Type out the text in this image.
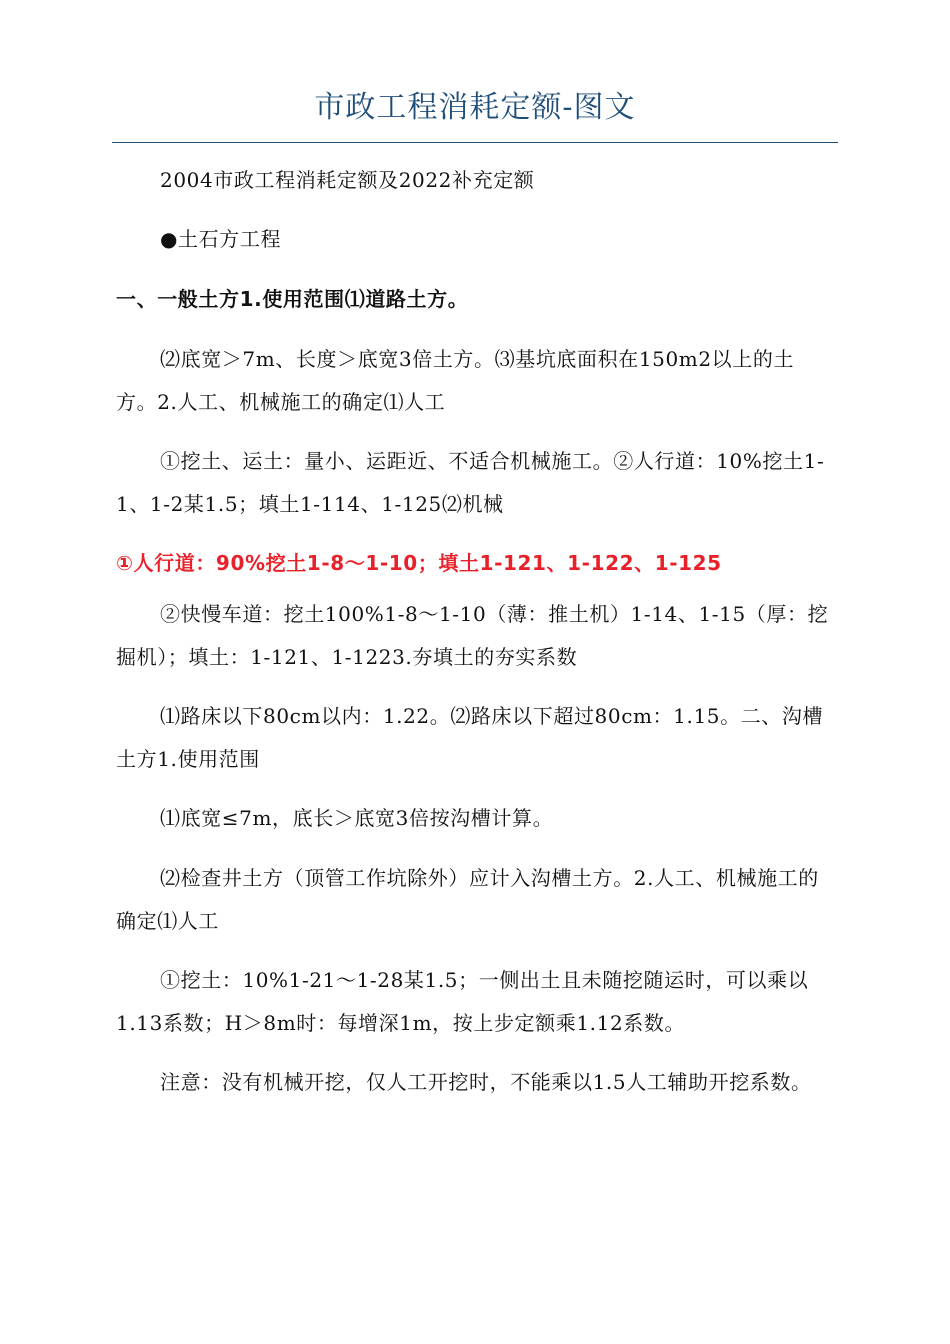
市政工程消耗定额-图文

2004市政工程消耗定额及2022补充定额

●土石方工程

一、一般土方1.使用范围⑴道路土方。

⑵底宽＞7m、长度＞底宽3倍土方。⑶基坑底面积在150m2以上的土方。2.人工、机械施工的确定⑴人工

①挖土、运土：量小、运距近、不适合机械施工。②人行道：10%挖土1-1、1-2某1.5；填土1-114、1-125⑵机械

①人行道：90%挖土1-8～1-10；填土1-121、1-122、1-125

②快慢车道：挖土100%1-8～1-10（薄：推土机）1-14、1-15（厚：挖掘机）；填土：1-121、1-1223.夯填土的夯实系数

⑴路床以下80cm以内：1.22。⑵路床以下超过80cm：1.15。二、沟槽土方1.使用范围

⑴底宽≤7m，底长＞底宽3倍按沟槽计算。

⑵检查井土方（顶管工作坑除外）应计入沟槽土方。2.人工、机械施工的确定⑴人工

①挖土：10%1-21～1-28某1.5；一侧出土且未随挖随运时，可以乘以1.13系数；H＞8m时：每增深1m，按上步定额乘1.12系数。

注意：没有机械开挖，仅人工开挖时，不能乘以1.5人工辅助开挖系数。
